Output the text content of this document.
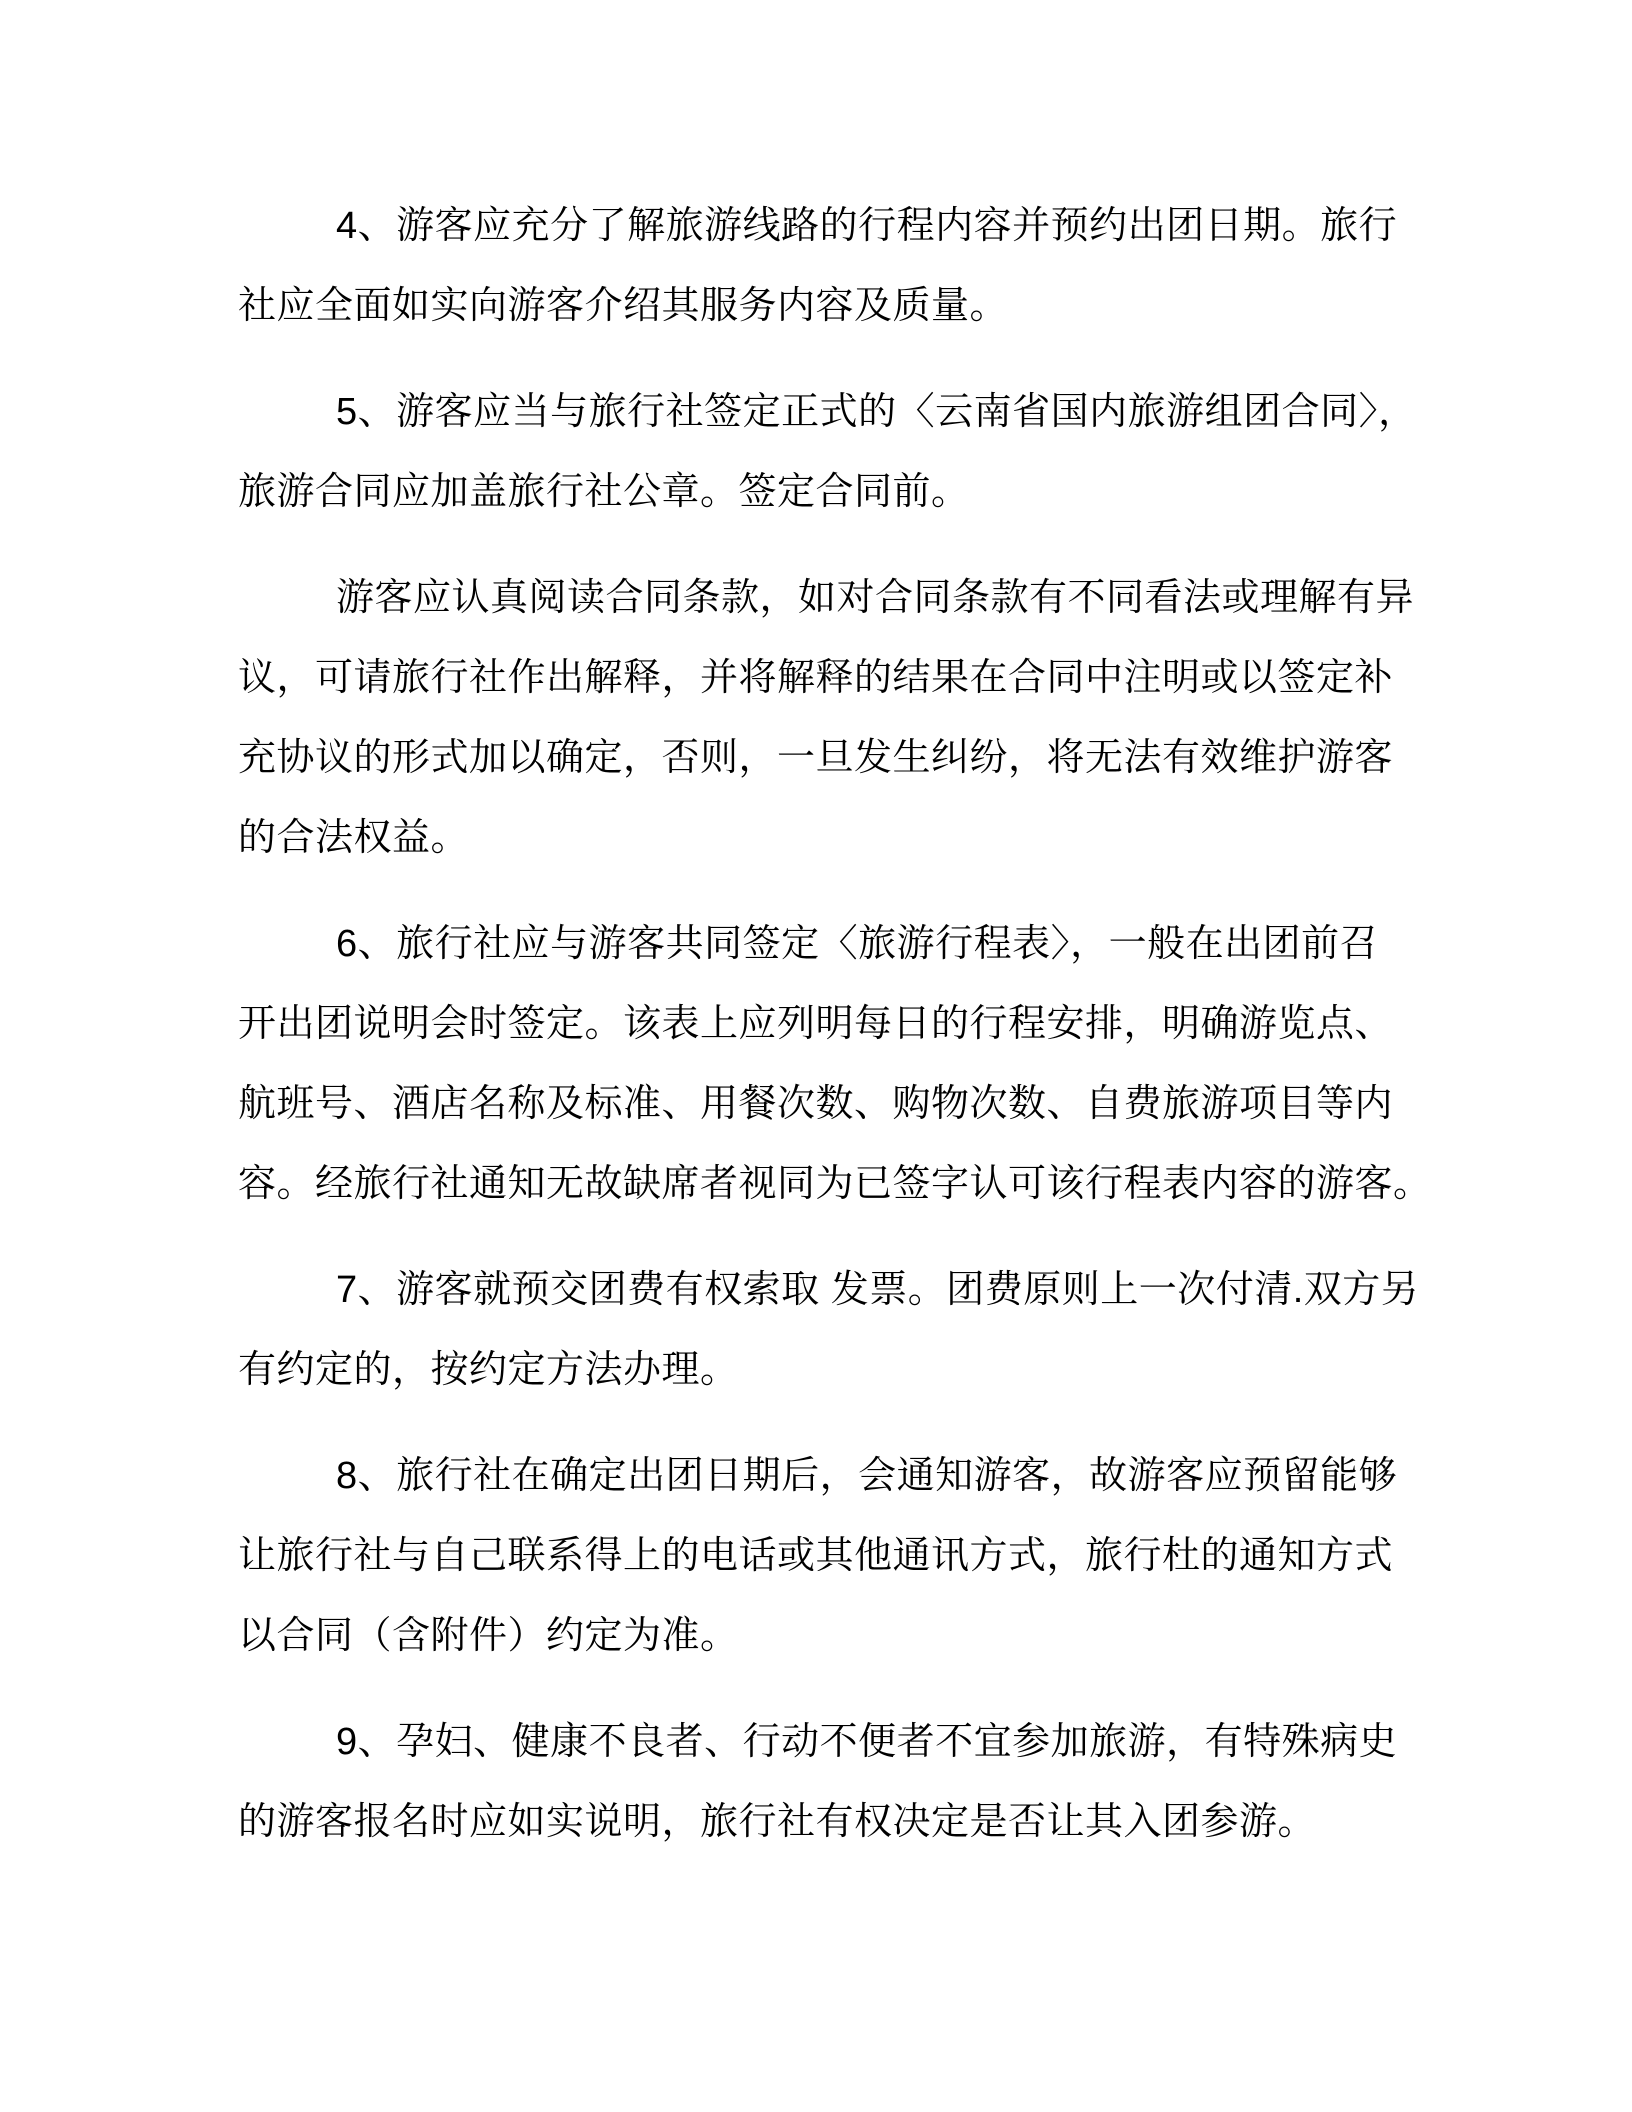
4、游客应充分了解旅游线路的行程内容并预约出团日期。旅行
社应全面如实向游客介绍其服务内容及质量。
5、游客应当与旅行社签定正式的〈云南省国内旅游组团合同〉，
旅游合同应加盖旅行社公章。签定合同前。
游客应认真阅读合同条款，如对合同条款有不同看法或理解有异
议，可请旅行社作出解释，并将解释的结果在合同中注明或以签定补
充协议的形式加以确定，否则，一旦发生纠纷，将无法有效维护游客
的合法权益。
6、旅行社应与游客共同签定〈旅游行程表〉，一般在出团前召
开出团说明会时签定。该表上应列明每日的行程安排，明确游览点、
航班号、酒店名称及标准、用餐次数、购物次数、自费旅游项目等内
容。经旅行社通知无故缺席者视同为已签字认可该行程表内容的游客。
7、游客就预交团费有权索取 发票。团费原则上一次付清.双方另
有约定的，按约定方法办理。
8、旅行社在确定出团日期后，会通知游客，故游客应预留能够
让旅行社与自己联系得上的电话或其他通讯方式，旅行杜的通知方式
以合同（含附件）约定为准。
9、孕妇、健康不良者、行动不便者不宜参加旅游，有特殊病史
的游客报名时应如实说明，旅行社有权决定是否让其入团参游。
